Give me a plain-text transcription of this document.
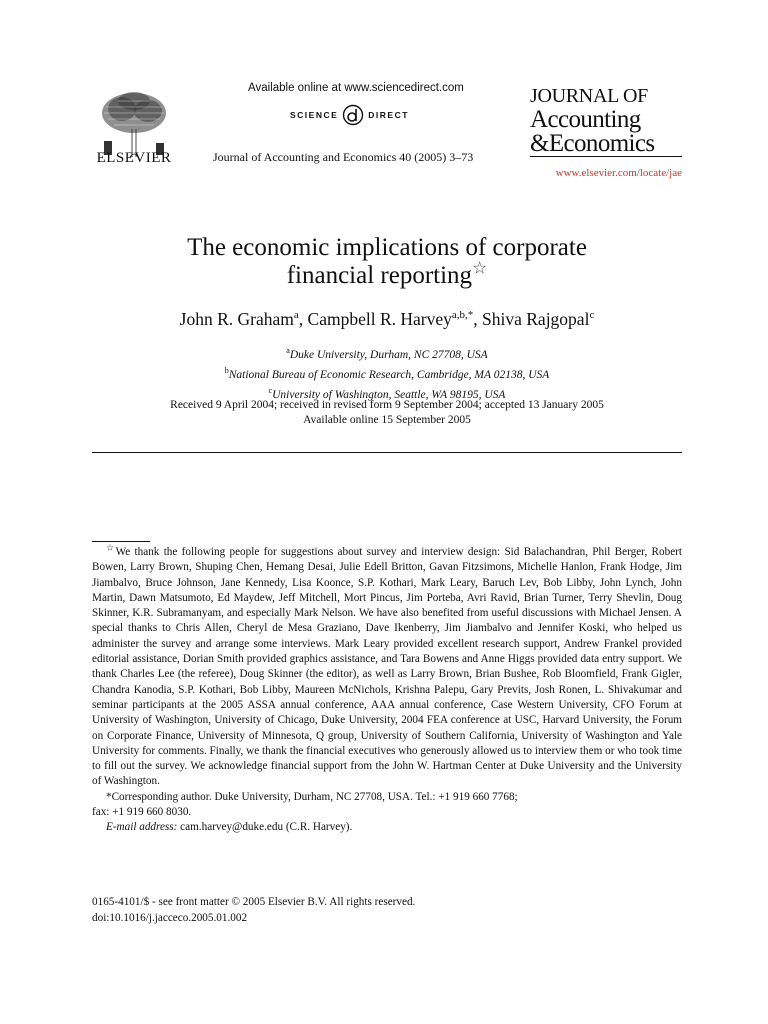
ELSEVIER
Available online at www.sciencedirect.com
SCIENCE	DIRECT
Journal of Accounting and Economics 40 (2005) 3–73
JOURNAL OF
Accounting
&Economics
www.elsevier.com/locate/jae
The economic implications of corporate
financial reporting☆
John R. Graham$^a$, Campbell R. Harvey$^{a,b,*}$, Shiva Rajgopal$^c$
$^a$Duke University, Durham, NC 27708, USA
$^b$National Bureau of Economic Research, Cambridge, MA 02138, USA
$^c$University of Washington, Seattle, WA 98195, USA
Received 9 April 2004; received in revised form 9 September 2004; accepted 13 January 2005
Available online 15 September 2005

☆We thank the following people for suggestions about survey and interview design: Sid Balachandran, Phil Berger, Robert Bowen, Larry Brown, Shuping Chen, Hemang Desai, Julie Edell Britton, Gavan Fitzsimons, Michelle Hanlon, Frank Hodge, Jim Jiambalvo, Bruce Johnson, Jane Kennedy, Lisa Koonce, S.P. Kothari, Mark Leary, Baruch Lev, Bob Libby, John Lynch, John Martin, Dawn Matsumoto, Ed Maydew, Jeff Mitchell, Mort Pincus, Jim Porteba, Avri Ravid, Brian Turner, Terry Shevlin, Doug Skinner, K.R. Subramanyam, and especially Mark Nelson. We have also benefited from useful discussions with Michael Jensen. A special thanks to Chris Allen, Cheryl de Mesa Graziano, Dave Ikenberry, Jim Jiambalvo and Jennifer Koski, who helped us administer the survey and arrange some interviews. Mark Leary provided excellent research support, Andrew Frankel provided editorial assistance, Dorian Smith provided graphics assistance, and Tara Bowens and Anne Higgs provided data entry support. We thank Charles Lee (the referee), Doug Skinner (the editor), as well as Larry Brown, Brian Bushee, Rob Bloomfield, Frank Gigler, Chandra Kanodia, S.P. Kothari, Bob Libby, Maureen McNichols, Krishna Palepu, Gary Previts, Josh Ronen, L. Shivakumar and seminar participants at the 2005 ASSA annual conference, AAA annual conference, Case Western University, CFO Forum at University of Washington, University of Chicago, Duke University, 2004 FEA conference at USC, Harvard University, the Forum on Corporate Finance, University of Minnesota, Q group, University of Southern California, University of Washington and Yale University for comments. Finally, we thank the financial executives who generously allowed us to interview them or who took time to fill out the survey. We acknowledge financial support from the John W. Hartman Center at Duke University and the University of Washington.

*Corresponding author. Duke University, Durham, NC 27708, USA. Tel.: +1 919 660 7768;

fax: +1 919 660 8030.

E-mail address: cam.harvey@duke.edu (C.R. Harvey).

0165-4101/$ - see front matter © 2005 Elsevier B.V. All rights reserved.
doi:10.1016/j.jacceco.2005.01.002
